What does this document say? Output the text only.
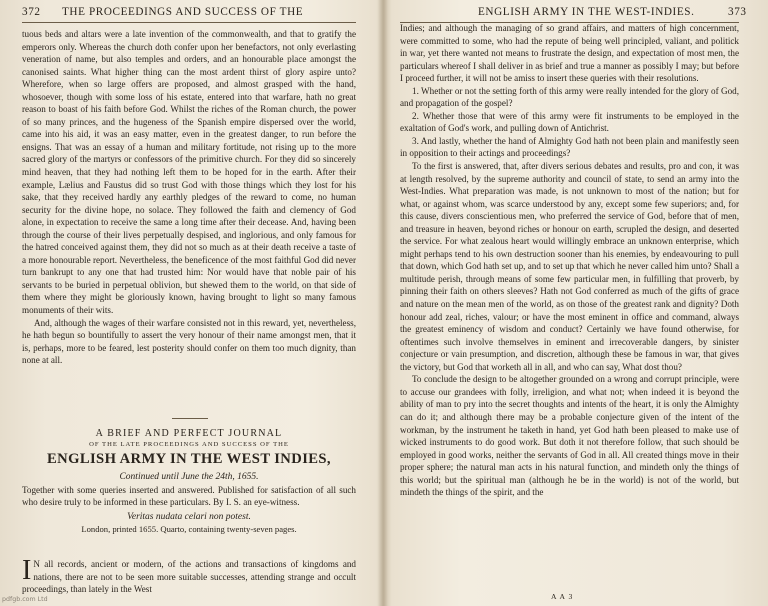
372 THE PROCEEDINGS AND SUCCESS OF THE

tuous beds and altars were a late invention of the commonwealth, and that to gratify the emperors only. Whereas the church doth confer upon her benefactors, not only everlasting veneration of name, but also temples and orders, and an honourable place amongst the canonised saints. What higher thing can the most ardent thirst of glory aspire unto? Wherefore, when so large offers are proposed, and almost grasped with the hand, whosoever, though with some loss of his estate, entered into that warfare, hath no great reason to boast of his faith before God. Whilst the riches of the Roman church, the power of so many princes, and the hugeness of the Spanish empire dispersed over the world, came into his aid, it was an easy matter, even in the greatest danger, to run before the ensigns. That was an essay of a human and military fortitude, not rising up to the more sacred glory of the martyrs or confessors of the primitive church. For they did so sincerely mind heaven, that they had nothing left them to be hoped for in the earth. After their example, Lælius and Faustus did so trust God with those things which they lost for his sake, that they received hardly any earthly pledges of the reward to come, no human security for the divine hope, no solace. They followed the faith and clemency of God alone, in expectation to receive the same a long time after their decease. And, having been through the course of their lives perpetually despised, and inglorious, and only famous for the hatred conceived against them, they did not so much as at their death receive a taste of a more honourable report. Nevertheless, the beneficence of the most faithful God did never turn bankrupt to any one that had trusted him: Nor would have that noble pair of his servants to be buried in perpetual oblivion, but shewed them to the world, on that side of them where they might be gloriously known, having brought to light so many famous monuments of their wits.

And, although the wages of their warfare consisted not in this reward, yet, nevertheless, he hath begun so bountifully to assert the very honour of their name amongst men, that it is, perhaps, more to be feared, lest posterity should confer on them too much dignity, than none at all.

A BRIEF AND PERFECT JOURNAL

OF THE LATE PROCEEDINGS AND SUCCESS OF THE

ENGLISH ARMY IN THE WEST INDIES,

Continued until June the 24th, 1655.

Together with some queries inserted and answered. Published for satisfaction of all such who desire truly to be informed in these particulars. By I. S. an eye-witness.

Veritas nudata celari non potest.

London, printed 1655. Quarto, containing twenty-seven pages.

I N all records, ancient or modern, of the actions and transactions of kingdoms and nations, there are not to be seen more suitable successes, attending strange and occult proceedings, than lately in the West
ENGLISH ARMY IN THE WEST-INDIES.	373

Indies; and although the managing of so grand affairs, and matters of high concernment, were committed to some, who had the repute of being well principled, valiant, and politick in war, yet there wanted not means to frustrate the design, and expectation of most men, the particulars whereof I shall deliver in as brief and true a manner as possibly I may; but before I proceed further, it will not be amiss to insert these queries with their resolutions.

1. Whether or not the setting forth of this army were really intended for the glory of God, and propagation of the gospel?

2. Whether those that were of this army were fit instruments to be employed in the exaltation of God's work, and pulling down of Antichrist.

3. And lastly, whether the hand of Almighty God hath not been plain and manifestly seen in opposition to their actings and proceedings?

To the first is answered, that, after divers serious debates and results, pro and con, it was at length resolved, by the supreme authority and council of state, to send an army into the West-Indies. What preparation was made, is not unknown to most of the nation; but for what, or against whom, was scarce understood by any, except some few superiors; and, for this cause, divers conscientious men, who preferred the service of God, before that of men, and treasure in heaven, beyond riches or honour on earth, scrupled the design, and deserted the service. For what zealous heart would willingly embrace an unknown enterprise, which might perhaps tend to his own destruction sooner than his enemies, by endeavouring to pull that down, which God hath set up, and to set up that which he never called him unto? Shall a multitude perish, through means of some few particular men, in fulfilling that proverb, by pinning their faith on others sleeves? Hath not God conferred as much of the gifts of grace and nature on the mean men of the world, as on those of the greatest rank and dignity? Doth honour add zeal, riches, valour; or have the most eminent in office and command, always the greatest eminency of wisdom and conduct? Certainly we have found otherwise, for oftentimes such involve themselves in eminent and irrecoverable dangers, by sinister conjecture or vain presumption, and discretion, although these be famous in war, that gives the victory, but God that worketh all in all, and who can say, What dost thou?

To conclude the design to be altogether grounded on a wrong and corrupt principle, were to accuse our grandees with folly, irreligion, and what not; when indeed it is beyond the ability of man to pry into the secret thoughts and intents of the heart, it is only the Almighty can do it; and although there may be a probable conjecture given of the intent of the workman, by the instrument he taketh in hand, yet God hath been pleased to make use of wicked instruments to do good work. But doth it not therefore follow, that such should be employed in good works, neither the servants of God in all. All created things move in their proper sphere; the natural man acts in his natural function, and mindeth only the things of this world; but the spiritual man (although he be in the world) is not of the world, but mindeth the things of the spirit, and the

A A 3
pdfgb.com Ltd
